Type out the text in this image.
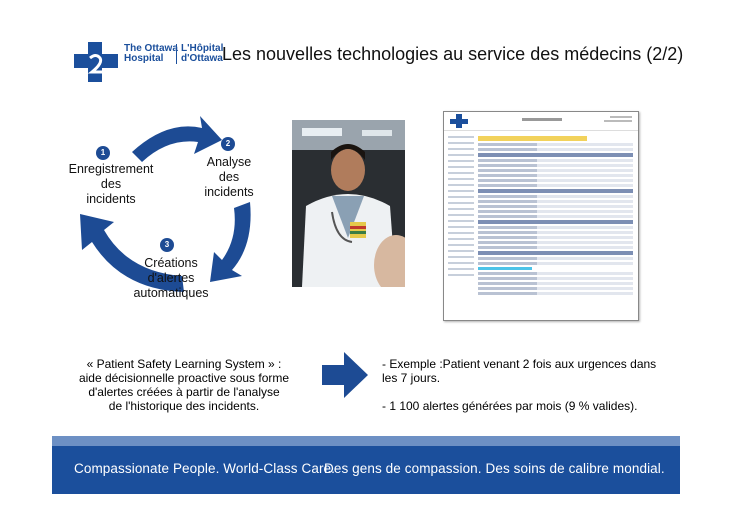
The Ottawa
Hospital
L'Hôpital
d'Ottawa Les nouvelles technologies au service des médecins (2/2)
1
Enregistrement
des
incidents
2
Analyse
des
incidents
3
Créations
d'alertes
automatiques
« Patient Safety Learning System » :
aide décisionnelle proactive sous forme
d'alertes créées à partir de l'analyse
de l'historique des incidents.

- Exemple :Patient venant 2 fois aux urgences dans
les 7 jours.

- 1 100 alertes générées par mois (9 % valides).

Compassionate People. World-Class Care.
Des gens de compassion. Des soins de calibre mondial.
